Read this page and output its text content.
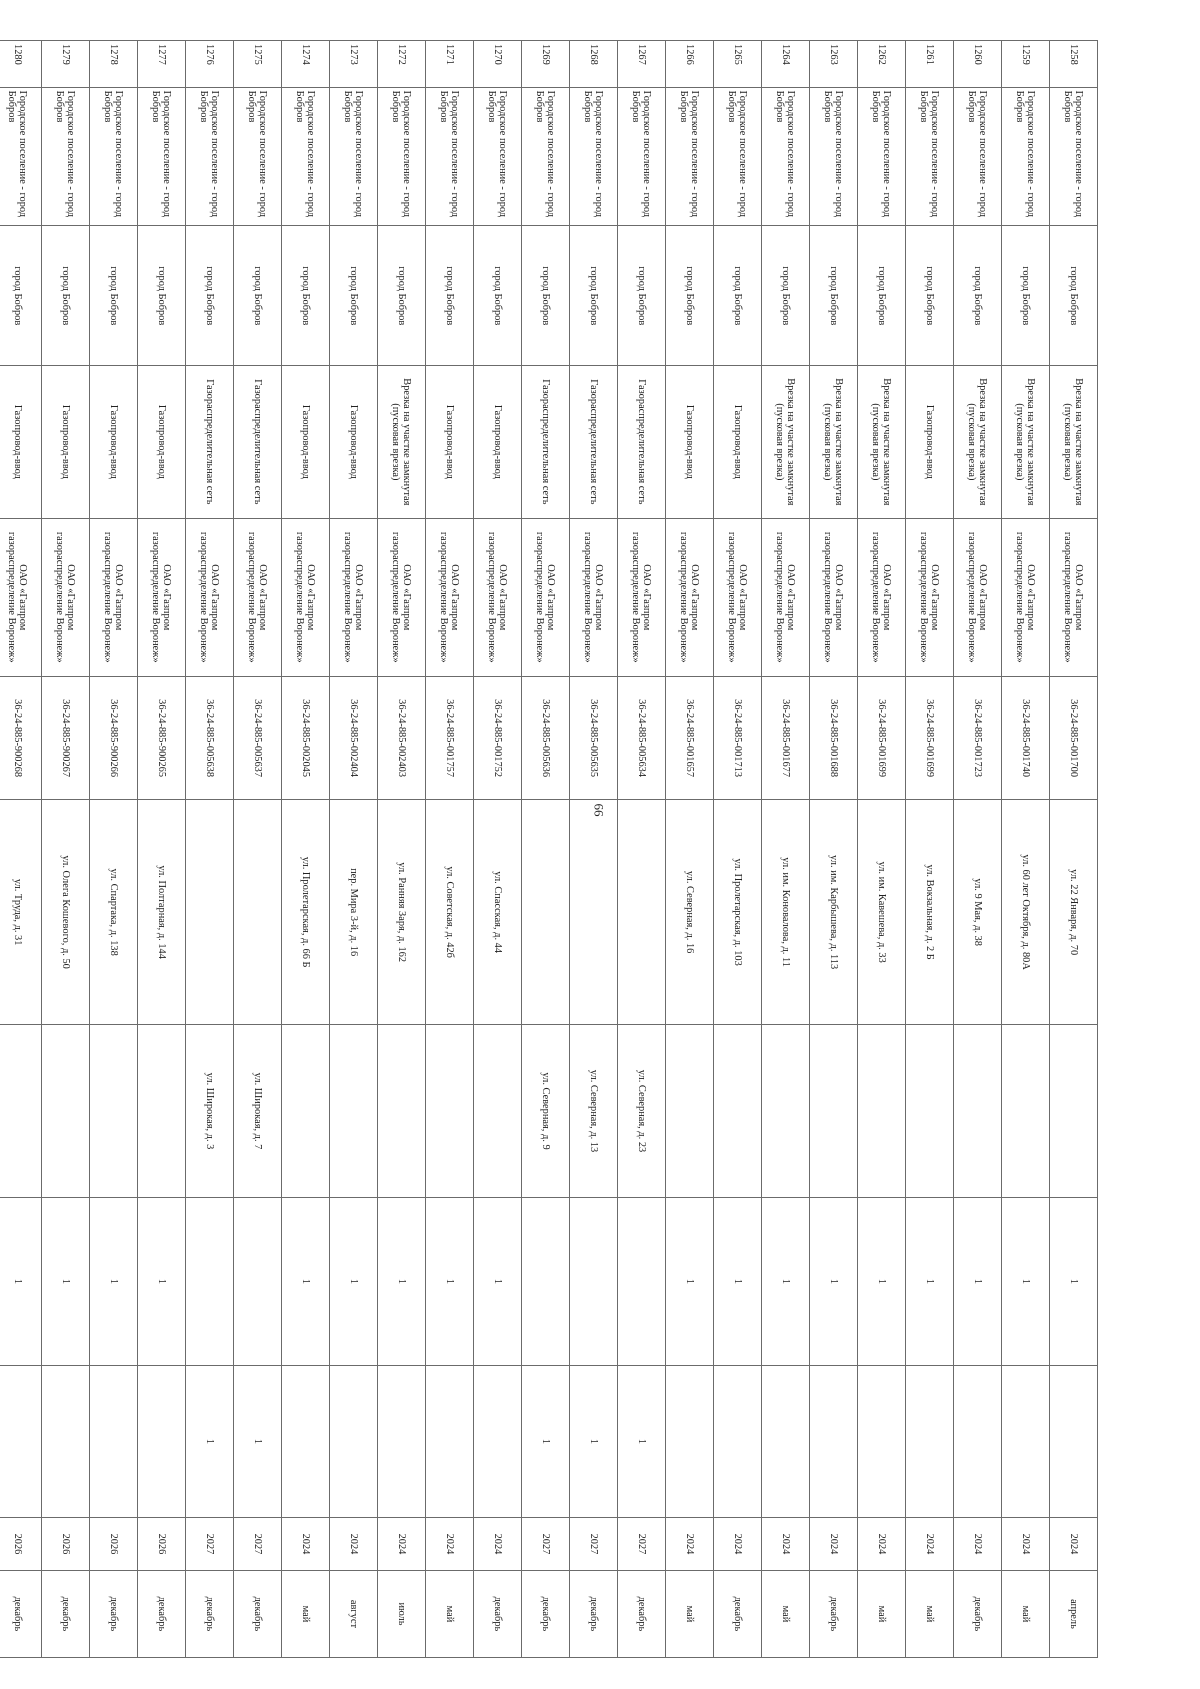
66
1258	Городское поселение - город Бобров	город Бобров	Врезка на участке замкнутая (пусковая врезка)	ОАО «Газпром газораспределение Воронеж»	36-24-885-001700	ул. 22 Января, д. 70		1		2024	апрель
1259	Городское поселение - город Бобров	город Бобров	Врезка на участке замкнутая (пусковая врезка)	ОАО «Газпром газораспределение Воронеж»	36-24-885-001740	ул. 60 лет Октября, д. 80А		1		2024	май
1260	Городское поселение - город Бобров	город Бобров	Врезка на участке замкнутая (пусковая врезка)	ОАО «Газпром газораспределение Воронеж»	36-24-885-001723	ул. 9 Мая, д. 38		1		2024	декабрь
1261	Городское поселение - город Бобров	город Бобров	Газопровод-ввод	ОАО «Газпром газораспределение Воронеж»	36-24-885-001699	ул. Вокзальная, д. 2 Б		1		2024	май
1262	Городское поселение - город Бобров	город Бобров	Врезка на участке замкнутая (пусковая врезка)	ОАО «Газпром газораспределение Воронеж»	36-24-885-001699	ул. им. Кавешева, д. 33		1		2024	май
1263	Городское поселение - город Бобров	город Бобров	Врезка на участке замкнутая (пусковая врезка)	ОАО «Газпром газораспределение Воронеж»	36-24-885-001688	ул. им. Карбышева, д. 113		1		2024	декабрь
1264	Городское поселение - город Бобров	город Бобров	Врезка на участке замкнутая (пусковая врезка)	ОАО «Газпром газораспределение Воронеж»	36-24-885-001677	ул. им. Коновалова, д. 11		1		2024	май
1265	Городское поселение - город Бобров	город Бобров	Газопровод-ввод	ОАО «Газпром газораспределение Воронеж»	36-24-885-001713	ул. Пролетарская, д. 103		1		2024	декабрь
1266	Городское поселение - город Бобров	город Бобров	Газопровод-ввод	ОАО «Газпром газораспределение Воронеж»	36-24-885-001657	ул. Северная, д. 16		1		2024	май
1267	Городское поселение - город Бобров	город Бобров	Газораспределительная сеть	ОАО «Газпром газораспределение Воронеж»	36-24-885-005634		ул. Северная, д. 23		1	2027	декабрь
1268	Городское поселение - город Бобров	город Бобров	Газораспределительная сеть	ОАО «Газпром газораспределение Воронеж»	36-24-885-005635		ул. Северная, д. 13		1	2027	декабрь
1269	Городское поселение - город Бобров	город Бобров	Газораспределительная сеть	ОАО «Газпром газораспределение Воронеж»	36-24-885-005636		ул. Северная, д. 9		1	2027	декабрь
1270	Городское поселение - город Бобров	город Бобров	Газопровод-ввод	ОАО «Газпром газораспределение Воронеж»	36-24-885-001752	ул. Спасская, д. 44		1		2024	декабрь
1271	Городское поселение - город Бобров	город Бобров	Газопровод-ввод	ОАО «Газпром газораспределение Воронеж»	36-24-885-001757	ул. Советская, д. 42б		1		2024	май
1272	Городское поселение - город Бобров	город Бобров	Врезка на участке замкнутая (пусковая врезка)	ОАО «Газпром газораспределение Воронеж»	36-24-885-002403	ул. Ранняя Заря, д. 162		1		2024	июль
1273	Городское поселение - город Бобров	город Бобров	Газопровод-ввод	ОАО «Газпром газораспределение Воронеж»	36-24-885-002404	пер. Мира 3-й, д. 16		1		2024	август
1274	Городское поселение - город Бобров	город Бобров	Газопровод-ввод	ОАО «Газпром газораспределение Воронеж»	36-24-885-002045	ул. Пролетарская, д. 66 Б		1		2024	май
1275	Городское поселение - город Бобров	город Бобров	Газораспределительная сеть	ОАО «Газпром газораспределение Воронеж»	36-24-885-005637		ул. Широкая, д. 7		1	2027	декабрь
1276	Городское поселение - город Бобров	город Бобров	Газораспределительная сеть	ОАО «Газпром газораспределение Воронеж»	36-24-885-005638		ул. Широкая, д. 3		1	2027	декабрь
1277	Городское поселение - город Бобров	город Бобров	Газопровод-ввод	ОАО «Газпром газораспределение Воронеж»	36-24-885-900265	ул. Полтарная, д. 144		1		2026	декабрь
1278	Городское поселение - город Бобров	город Бобров	Газопровод-ввод	ОАО «Газпром газораспределение Воронеж»	36-24-885-900266	ул. Спартака, д. 138		1		2026	декабрь
1279	Городское поселение - город Бобров	город Бобров	Газопровод-ввод	ОАО «Газпром газораспределение Воронеж»	36-24-885-900267	ул. Олега Кошевого, д. 50		1		2026	декабрь
1280	Городское поселение - город Бобров	город Бобров	Газопровод-ввод	ОАО «Газпром газораспределение Воронеж»	36-24-885-900268	ул. Труда, д. 31		1		2026	декабрь
